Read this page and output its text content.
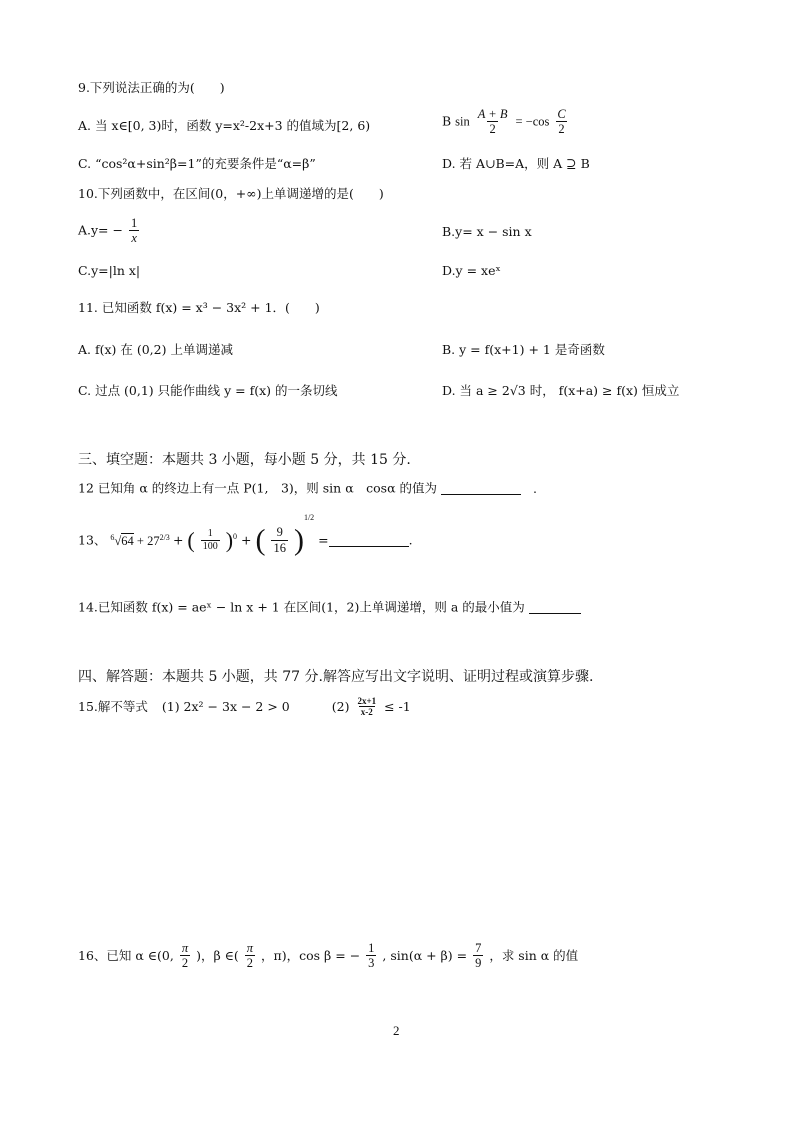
9.下列说法正确的为(　　)
A. 当 x∈[0, 3)时，函数 y=x²-2x+3 的值域为[2, 6)	B $\sin \frac{A + B}{2} = -\cos \frac{C}{2}$
C. “cos²α+sin²β=1”的充要条件是“α=β”	D. 若 A∪B=A，则 A ⊇ B
10.下列函数中，在区间(0，+∞)上单调递增的是(　　)
$A.y= - \frac{1}{x}$	B.y= x − sin x
C.y=|ln x|	D.y = xeˣ
11. 已知函数 f(x) = x³ − 3x² + 1．(　　)
A. f(x) 在 (0,2) 上单调递减	B. y = f(x+1) + 1 是奇函数
C. 过点 (0,1) 只能作曲线 y = f(x) 的一条切线	D. 当 a ≥ 2√3 时， f(x+a) ≥ f(x) 恒成立
三、填空题：本题共 3 小题，每小题 5 分，共 15 分.
12 已知角 α 的终边上有一点 P(1,　3)，则 sin α　cosα 的值为	.
13、 $^6√64 + 27^{2/3}$ + ( $\frac{1}{100} )^0$ + ( $\frac{9}{16} )^{1/2}$ =	.
14.已知函数 f(x) = aeˣ − ln x + 1 在区间(1，2)上单调递增，则 a 的最小值为
四、解答题：本题共 5 小题，共 77 分.解答应写出文字说明、证明过程或演算步骤.
15.解不等式 (1) 2x² − 3x − 2 > 0	$(2) \frac{2x+1}{x-2} \le -1$
16、已知 α ∈(0, $\frac{\pi}{2}$ )，β ∈( $\frac{\pi}{2}$ ，π)，cos β = − $\frac{1}{3}$ , $\sin(\alpha + \beta) = \frac{7}{9}$ ，求 sin α 的值
2
